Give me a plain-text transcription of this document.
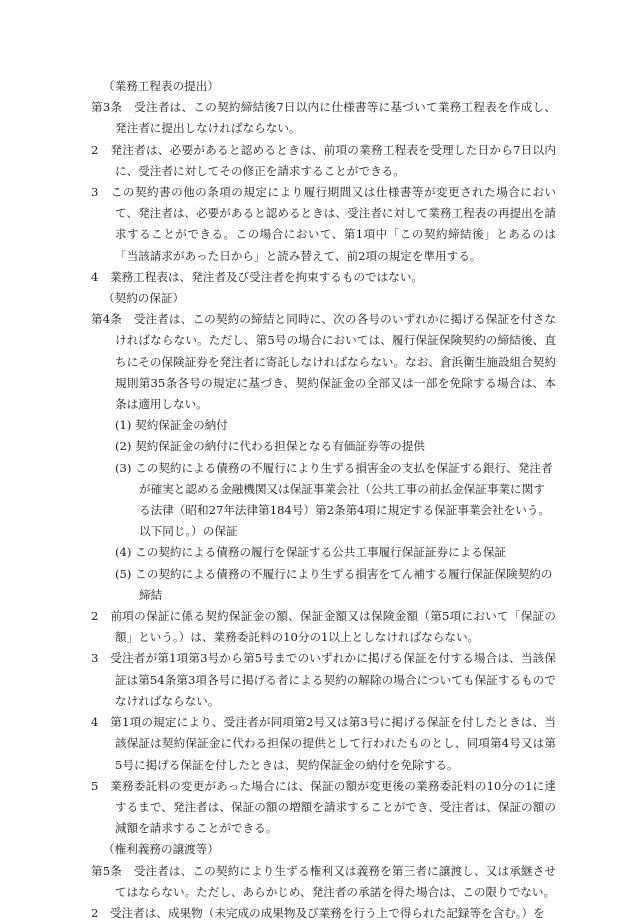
（業務工程表の提出）

第3条　受注者は、この契約締結後7日以内に仕様書等に基づいて業務工程表を作成し、発注者に提出しなければならない。

2　発注者は、必要があると認めるときは、前項の業務工程表を受理した日から7日以内に、受注者に対してその修正を請求することができる。

3　この契約書の他の条項の規定により履行期間又は仕様書等が変更された場合において、発注者は、必要があると認めるときは、受注者に対して業務工程表の再提出を請求することができる。この場合において、第1項中「この契約締結後」とあるのは「当該請求があった日から」と読み替えて、前2項の規定を準用する。

4　業務工程表は、発注者及び受注者を拘束するものではない。

（契約の保証）

第4条　受注者は、この契約の締結と同時に、次の各号のいずれかに掲げる保証を付さなければならない。ただし、第5号の場合においては、履行保証保険契約の締結後、直ちにその保険証券を発注者に寄託しなければならない。なお、倉浜衛生施設組合契約規則第35条各号の規定に基づき、契約保証金の全部又は一部を免除する場合は、本条は適用しない。

(1) 契約保証金の納付

(2) 契約保証金の納付に代わる担保となる有価証券等の提供

(3) この契約による債務の不履行により生ずる損害金の支払を保証する銀行、発注者が確実と認める金融機関又は保証事業会社（公共工事の前払金保証事業に関する法律（昭和27年法律第184号）第2条第4項に規定する保証事業会社をいう。以下同じ。）の保証

(4) この契約による債務の履行を保証する公共工事履行保証証券による保証

(5) この契約による債務の不履行により生ずる損害をてん補する履行保証保険契約の締結

2　前項の保証に係る契約保証金の額、保証金額又は保険金額（第5項において「保証の額」という。）は、業務委託料の10分の1以上としなければならない。

3　受注者が第1項第3号から第5号までのいずれかに掲げる保証を付する場合は、当該保証は第54条第3項各号に掲げる者による契約の解除の場合についても保証するものでなければならない。

4　第1項の規定により、受注者が同項第2号又は第3号に掲げる保証を付したときは、当該保証は契約保証金に代わる担保の提供として行われたものとし、同項第4号又は第5号に掲げる保証を付したときは、契約保証金の納付を免除する。

5　業務委託料の変更があった場合には、保証の額が変更後の業務委託料の10分の1に達するまで、発注者は、保証の額の増額を請求することができ、受注者は、保証の額の減額を請求することができる。

（権利義務の譲渡等）

第5条　受注者は、この契約により生ずる権利又は義務を第三者に譲渡し、又は承継させてはならない。ただし、あらかじめ、発注者の承諾を得た場合は、この限りでない。

2　受注者は、成果物（未完成の成果物及び業務を行う上で得られた記録等を含む。）を
